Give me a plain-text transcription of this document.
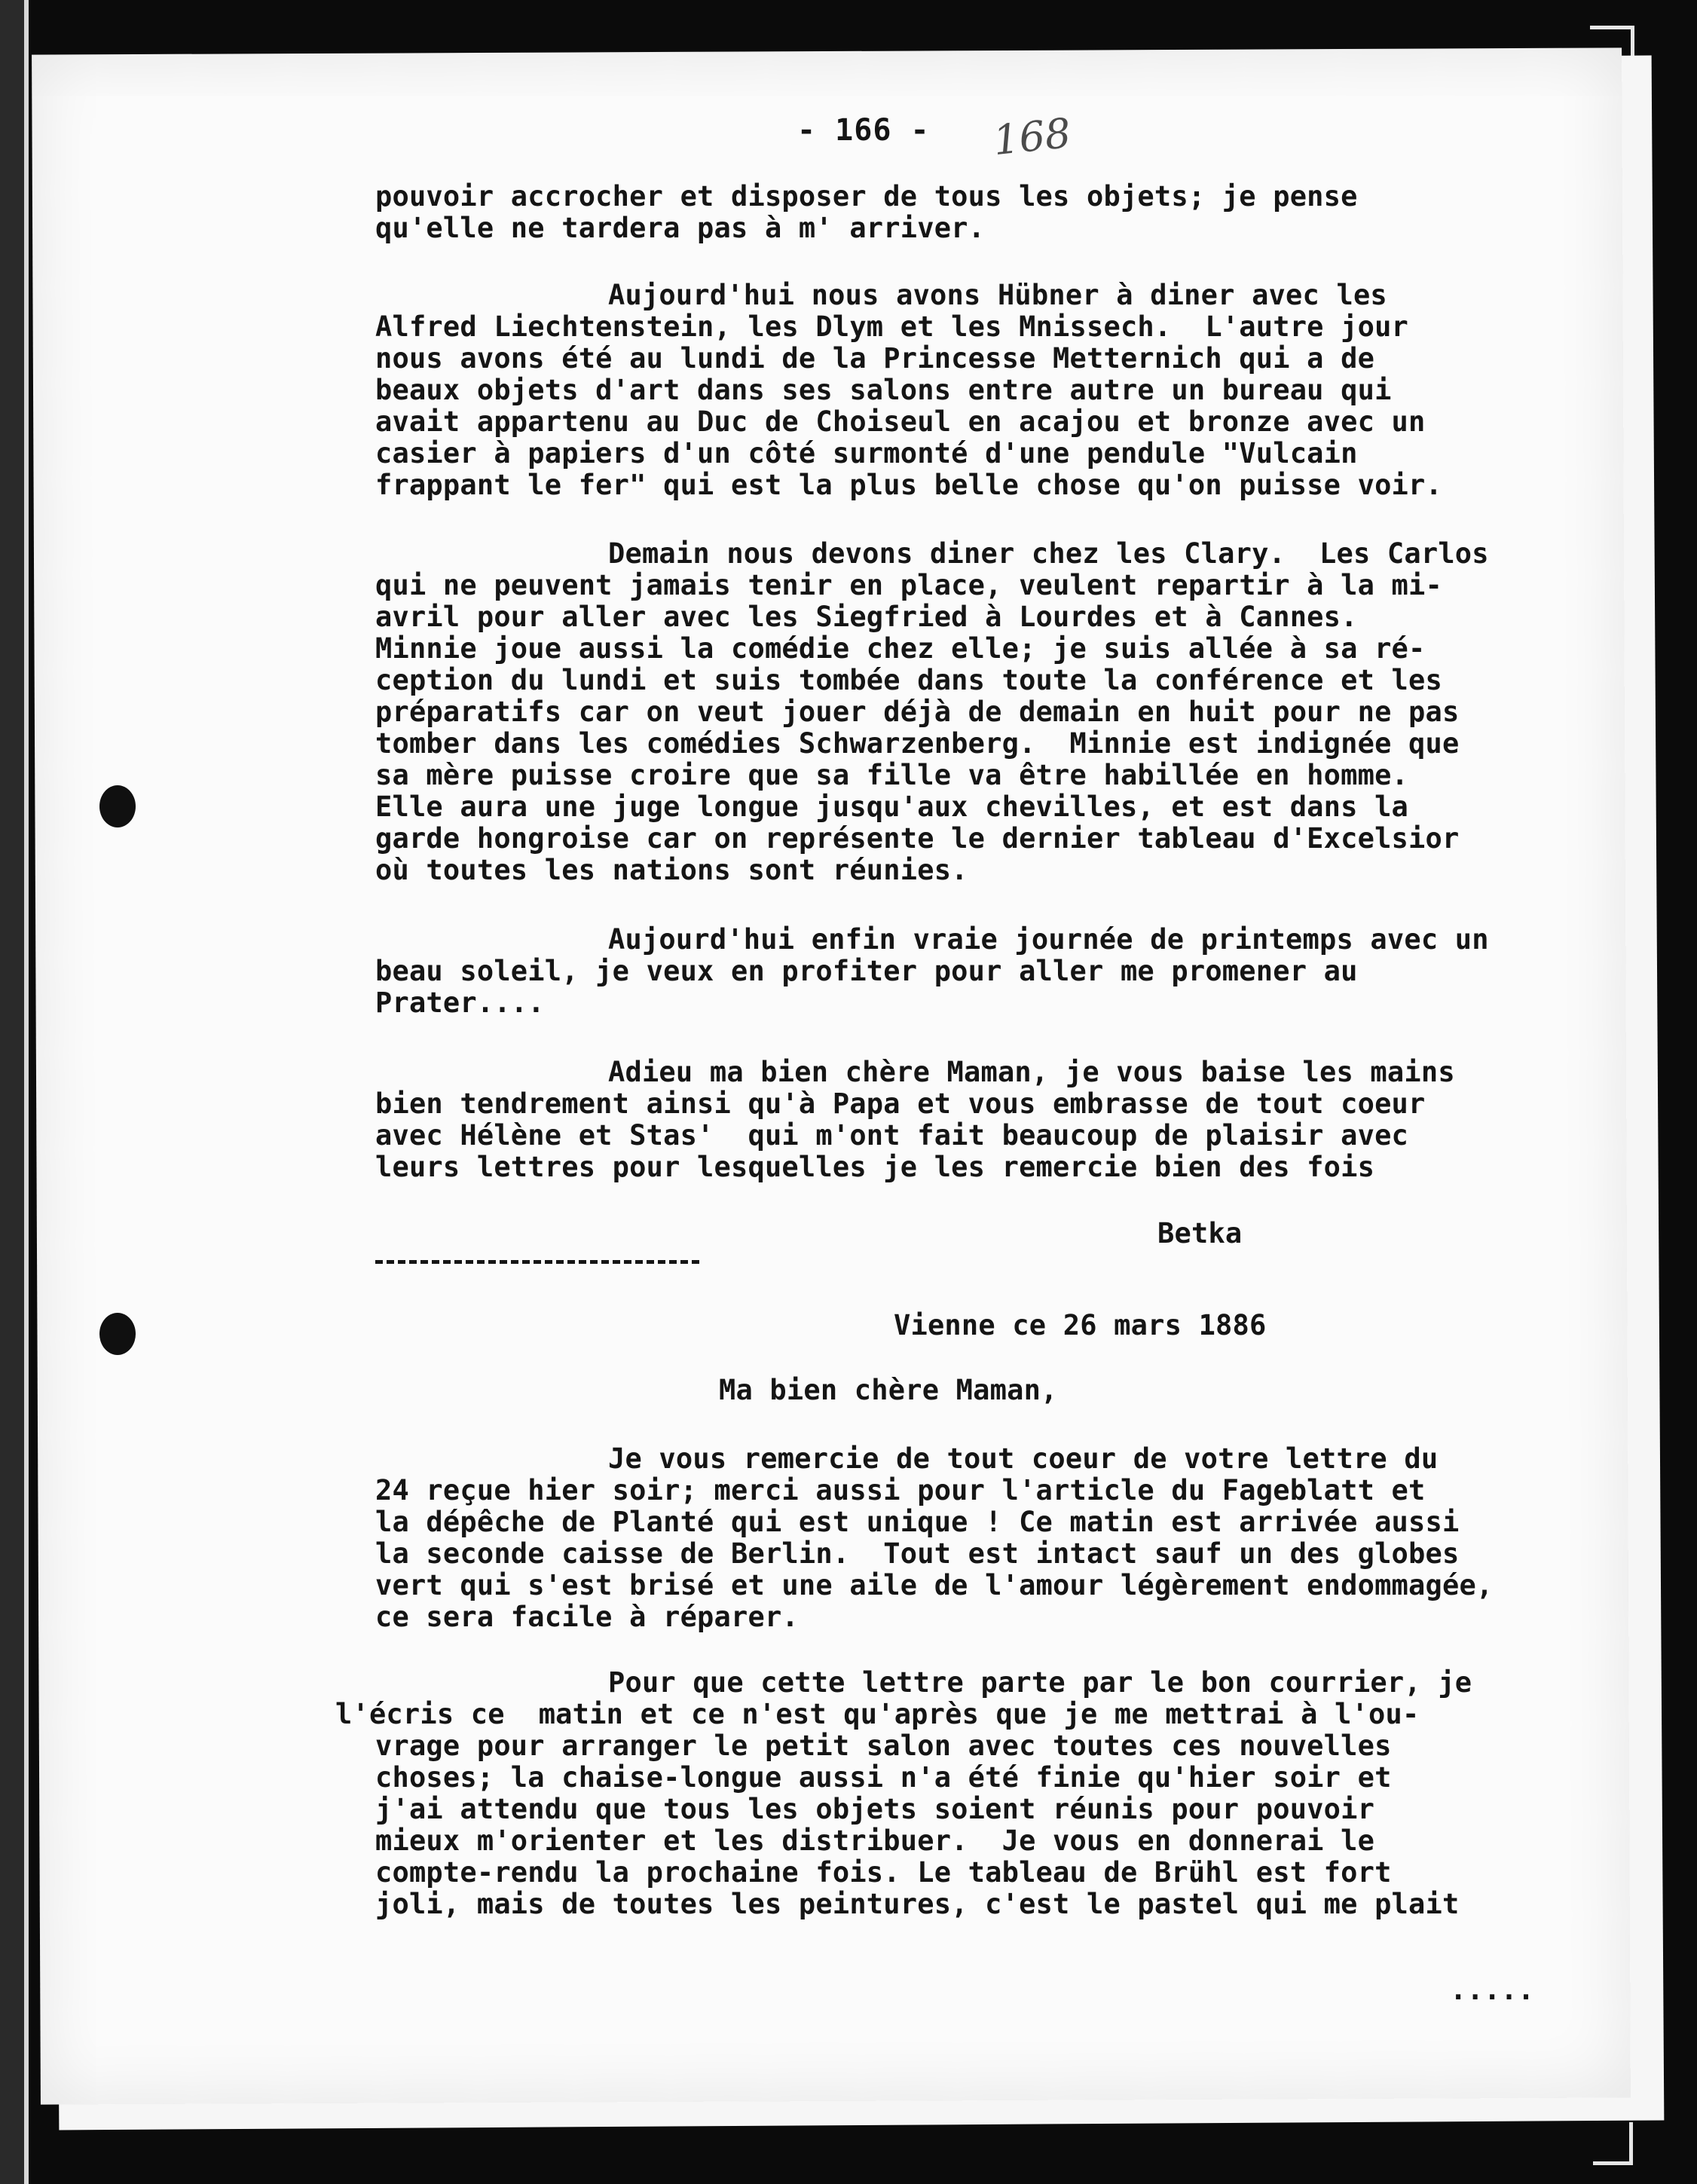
- 166 - 168
pouvoir accrocher et disposer de tous les objets; je pense
qu'elle ne tardera pas à m' arriver.
Aujourd'hui nous avons Hübner à diner avec les
Alfred Liechtenstein, les Dlym et les Mnissech.  L'autre jour
nous avons été au lundi de la Princesse Metternich qui a de
beaux objets d'art dans ses salons entre autre un bureau qui
avait appartenu au Duc de Choiseul en acajou et bronze avec un
casier à papiers d'un côté surmonté d'une pendule "Vulcain
frappant le fer" qui est la plus belle chose qu'on puisse voir.
Demain nous devons diner chez les Clary.  Les Carlos
qui ne peuvent jamais tenir en place, veulent repartir à la mi-
avril pour aller avec les Siegfried à Lourdes et à Cannes.
Minnie joue aussi la comédie chez elle; je suis allée à sa ré-
ception du lundi et suis tombée dans toute la conférence et les
préparatifs car on veut jouer déjà de demain en huit pour ne pas
tomber dans les comédies Schwarzenberg.  Minnie est indignée que
sa mère puisse croire que sa fille va être habillée en homme.
Elle aura une juge longue jusqu'aux chevilles, et est dans la
garde hongroise car on représente le dernier tableau d'Excelsior
où toutes les nations sont réunies.
Aujourd'hui enfin vraie journée de printemps avec un
beau soleil, je veux en profiter pour aller me promener au
Prater....
Adieu ma bien chère Maman, je vous baise les mains
bien tendrement ainsi qu'à Papa et vous embrasse de tout coeur
avec Hélène et Stas'  qui m'ont fait beaucoup de plaisir avec
leurs lettres pour lesquelles je les remercie bien des fois
Betka
Vienne ce 26 mars 1886
Ma bien chère Maman,
Je vous remercie de tout coeur de votre lettre du
24 reçue hier soir; merci aussi pour l'article du Fageblatt et
la dépêche de Planté qui est unique ! Ce matin est arrivée aussi
la seconde caisse de Berlin.  Tout est intact sauf un des globes
vert qui s'est brisé et une aile de l'amour légèrement endommagée,
ce sera facile à réparer.
Pour que cette lettre parte par le bon courrier, je
l'écris ce  matin et ce n'est qu'après que je me mettrai à l'ou-
vrage pour arranger le petit salon avec toutes ces nouvelles
choses; la chaise-longue aussi n'a été finie qu'hier soir et
j'ai attendu que tous les objets soient réunis pour pouvoir
mieux m'orienter et les distribuer.  Je vous en donnerai le
compte-rendu la prochaine fois. Le tableau de Brühl est fort
joli, mais de toutes les peintures, c'est le pastel qui me plait
.....
